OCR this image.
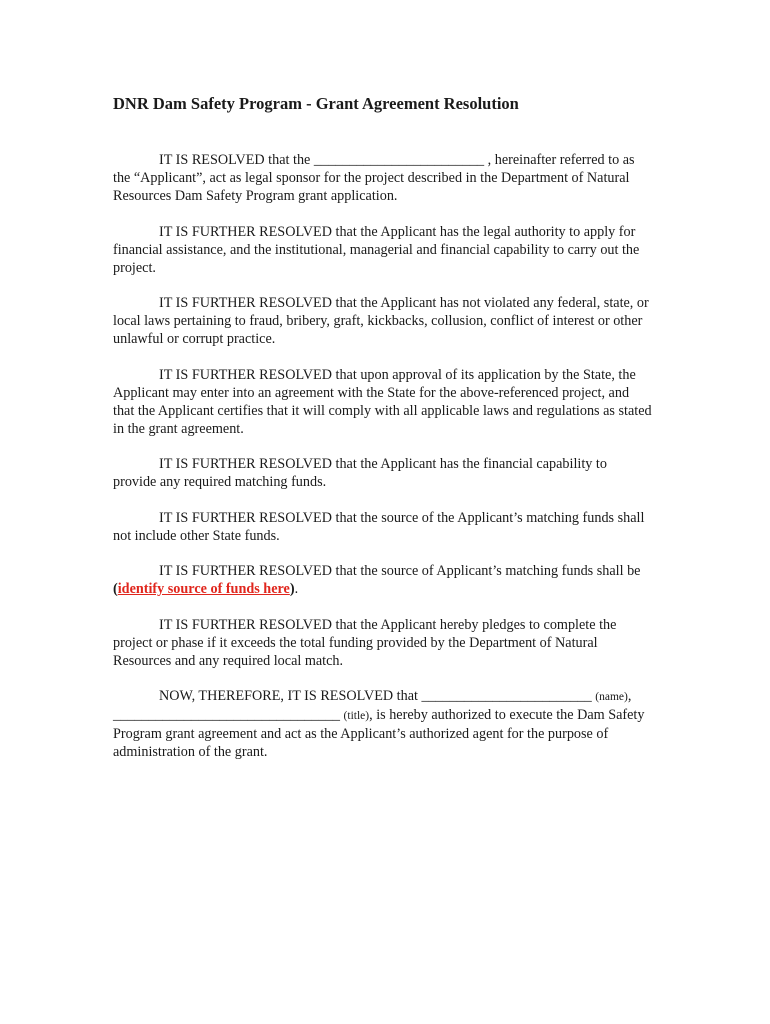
DNR Dam Safety Program - Grant Agreement Resolution

IT IS RESOLVED that the ________________________ , hereinafter referred to as the “Applicant”, act as legal sponsor for the project described in the Department of Natural Resources Dam Safety Program grant application.

IT IS FURTHER RESOLVED that the Applicant has the legal authority to apply for financial assistance, and the institutional, managerial and financial capability to carry out the project.

IT IS FURTHER RESOLVED that the Applicant has not violated any federal, state, or local laws pertaining to fraud, bribery, graft, kickbacks, collusion, conflict of interest or other unlawful or corrupt practice.

IT IS FURTHER RESOLVED that upon approval of its application by the State, the Applicant may enter into an agreement with the State for the above-referenced project, and that the Applicant certifies that it will comply with all applicable laws and regulations as stated in the grant agreement.

IT IS FURTHER RESOLVED that the Applicant has the financial capability to provide any required matching funds.

IT IS FURTHER RESOLVED that the source of the Applicant’s matching funds shall not include other State funds.

IT IS FURTHER RESOLVED that the source of Applicant’s matching funds shall be (identify source of funds here).

IT IS FURTHER RESOLVED that the Applicant hereby pledges to complete the project or phase if it exceeds the total funding provided by the Department of Natural Resources and any required local match.

NOW, THEREFORE, IT IS RESOLVED that ________________________ (name), ________________________________ (title), is hereby authorized to execute the Dam Safety Program grant agreement and act as the Applicant’s authorized agent for the purpose of administration of the grant.
